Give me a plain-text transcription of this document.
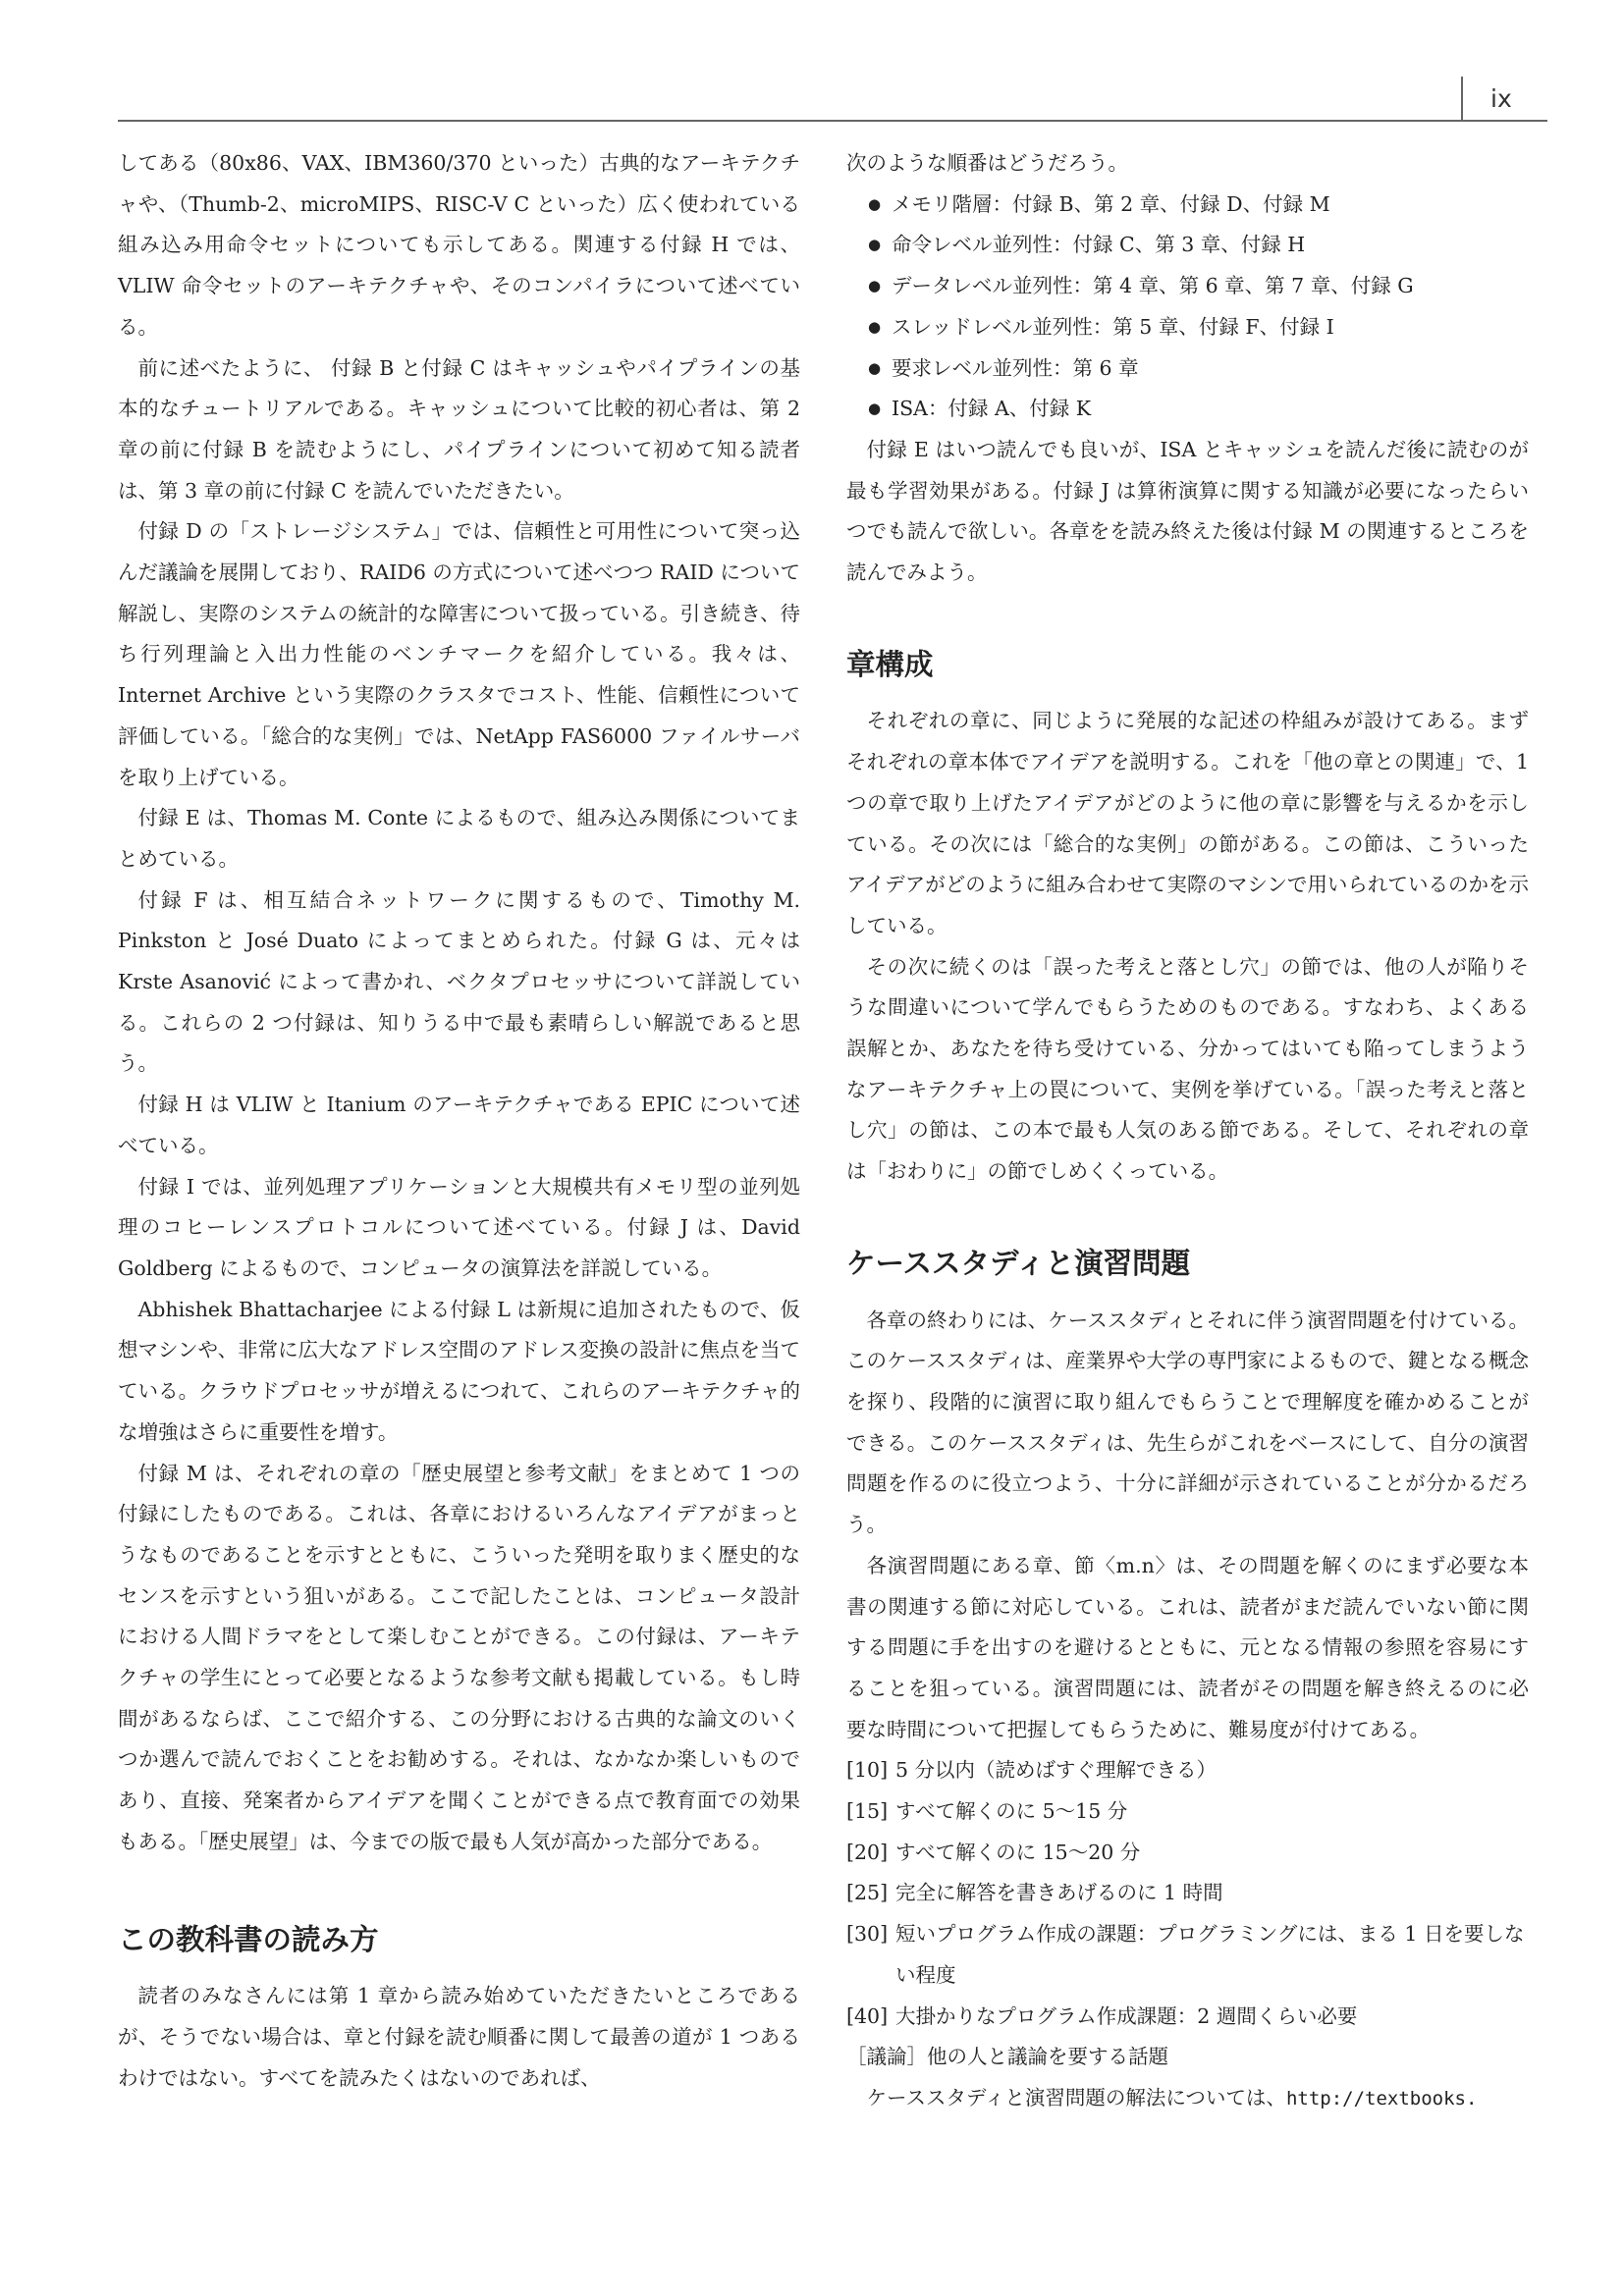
ix

してある（80x86、VAX、IBM360/370 といった）古典的なアーキテクチャや、（Thumb-2、microMIPS、RISC-V C といった）広く使われている組み込み用命令セットについても示してある。関連する付録 H では、VLIW 命令セットのアーキテクチャや、そのコンパイラについて述べている。

前に述べたように、 付録 B と付録 C はキャッシュやパイプラインの基本的なチュートリアルである。キャッシュについて比較的初心者は、第 2 章の前に付録 B を読むようにし、パイプラインについて初めて知る読者は、第 3 章の前に付録 C を読んでいただきたい。

付録 D の「ストレージシステム」では、信頼性と可用性について突っ込んだ議論を展開しており、RAID6 の方式について述べつつ RAID について解説し、実際のシステムの統計的な障害について扱っている。引き続き、待ち行列理論と入出力性能のベンチマークを紹介している。我々は、Internet Archive という実際のクラスタでコスト、性能、信頼性について評価している。「総合的な実例」では、NetApp FAS6000 ファイルサーバを取り上げている。

付録 E は、Thomas M. Conte によるもので、組み込み関係についてまとめている。

付録 F は、相互結合ネットワークに関するもので、Timothy M. Pinkston と José Duato によってまとめられた。付録 G は、元々は Krste Asanović によって書かれ、ベクタプロセッサについて詳説している。これらの 2 つ付録は、知りうる中で最も素晴らしい解説であると思う。

付録 H は VLIW と Itanium のアーキテクチャである EPIC について述べている。

付録 I では、並列処理アプリケーションと大規模共有メモリ型の並列処理のコヒーレンスプロトコルについて述べている。付録 J は、David Goldberg によるもので、コンピュータの演算法を詳説している。

Abhishek Bhattacharjee による付録 L は新規に追加されたもので、仮想マシンや、非常に広大なアドレス空間のアドレス変換の設計に焦点を当てている。クラウドプロセッサが増えるにつれて、これらのアーキテクチャ的な増強はさらに重要性を増す。

付録 M は、それぞれの章の「歴史展望と参考文献」をまとめて 1 つの付録にしたものである。これは、各章におけるいろんなアイデアがまっとうなものであることを示すとともに、こういった発明を取りまく歴史的なセンスを示すという狙いがある。ここで記したことは、コンピュータ設計における人間ドラマをとして楽しむことができる。この付録は、アーキテクチャの学生にとって必要となるような参考文献も掲載している。もし時間があるならば、ここで紹介する、この分野における古典的な論文のいくつか選んで読んでおくことをお勧めする。それは、なかなか楽しいものであり、直接、発案者からアイデアを聞くことができる点で教育面での効果もある。「歴史展望」は、今までの版で最も人気が高かった部分である。

この教科書の読み方

読者のみなさんには第 1 章から読み始めていただきたいところであるが、そうでない場合は、章と付録を読む順番に関して最善の道が 1 つあるわけではない。すべてを読みたくはないのであれば、

次のような順番はどうだろう。

● メモリ階層：付録 B、第 2 章、付録 D、付録 M
● 命令レベル並列性：付録 C、第 3 章、付録 H
● データレベル並列性：第 4 章、第 6 章、第 7 章、付録 G
● スレッドレベル並列性：第 5 章、付録 F、付録 I
● 要求レベル並列性：第 6 章
● ISA：付録 A、付録 K

付録 E はいつ読んでも良いが、ISA とキャッシュを読んだ後に読むのが最も学習効果がある。付録 J は算術演算に関する知識が必要になったらいつでも読んで欲しい。各章をを読み終えた後は付録 M の関連するところを読んでみよう。

章構成

それぞれの章に、同じように発展的な記述の枠組みが設けてある。まずそれぞれの章本体でアイデアを説明する。これを「他の章との関連」で、1 つの章で取り上げたアイデアがどのように他の章に影響を与えるかを示している。その次には「総合的な実例」の節がある。この節は、こういったアイデアがどのように組み合わせて実際のマシンで用いられているのかを示している。

その次に続くのは「誤った考えと落とし穴」の節では、他の人が陥りそうな間違いについて学んでもらうためのものである。すなわち、よくある誤解とか、あなたを待ち受けている、分かってはいても陥ってしまうようなアーキテクチャ上の罠について、実例を挙げている。「誤った考えと落とし穴」の節は、この本で最も人気のある節である。そして、それぞれの章は「おわりに」の節でしめくくっている。

ケーススタディと演習問題

各章の終わりには、ケーススタディとそれに伴う演習問題を付けている。このケーススタディは、産業界や大学の専門家によるもので、鍵となる概念を探り、段階的に演習に取り組んでもらうことで理解度を確かめることができる。このケーススタディは、先生らがこれをベースにして、自分の演習問題を作るのに役立つよう、十分に詳細が示されていることが分かるだろう。

各演習問題にある章、節〈m.n〉は、その問題を解くのにまず必要な本書の関連する節に対応している。これは、読者がまだ読んでいない節に関する問題に手を出すのを避けるとともに、元となる情報の参照を容易にすることを狙っている。演習問題には、読者がその問題を解き終えるのに必要な時間について把握してもらうために、難易度が付けてある。

[10] 5 分以内（読めばすぐ理解できる）
[15] すべて解くのに 5〜15 分
[20] すべて解くのに 15〜20 分
[25] 完全に解答を書きあげるのに 1 時間
[30] 短いプログラム作成の課題：プログラミングには、まる 1 日を要しない程度
[40] 大掛かりなプログラム作成課題：2 週間くらい必要
［議論］ 他の人と議論を要する話題

ケーススタディと演習問題の解法については、http://textbooks.
